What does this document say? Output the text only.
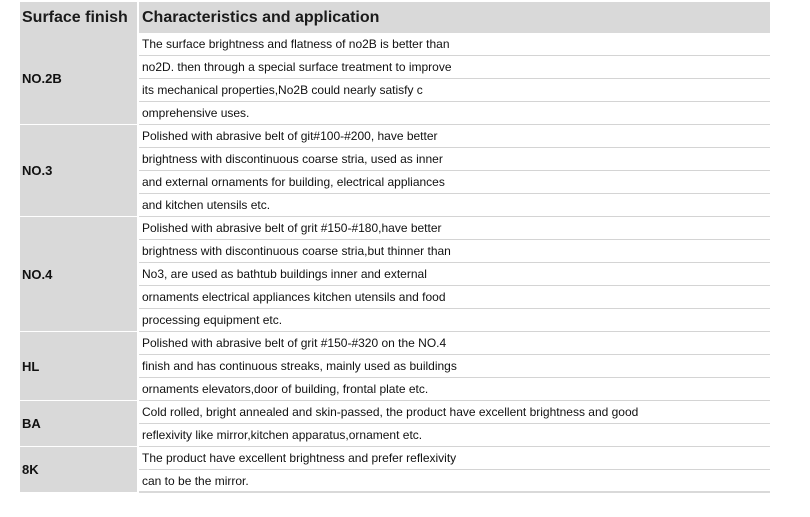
Surface finish Characteristics and application
NO.2B
The surface brightness and flatness of no2B is better than
no2D. then through a special surface treatment to improve
its mechanical properties,No2B could nearly satisfy c
omprehensive uses.
NO.3
Polished with abrasive belt of git#100-#200, have better
brightness with discontinuous coarse stria, used as inner
and external ornaments for building, electrical appliances
and kitchen utensils etc.
NO.4
Polished with abrasive belt of grit #150-#180,have better
brightness with discontinuous coarse stria,but thinner than
No3, are used as bathtub buildings inner and external
ornaments electrical appliances kitchen utensils and food
processing equipment etc.
HL
Polished with abrasive belt of grit #150-#320 on the NO.4
finish and has continuous streaks, mainly used as buildings
ornaments elevators,door of building, frontal plate etc.
BA
Cold rolled, bright annealed and skin-passed, the product have excellent brightness and good
reflexivity like mirror,kitchen apparatus,ornament etc.
8K
The product have excellent brightness and prefer reflexivity
can to be the mirror.
